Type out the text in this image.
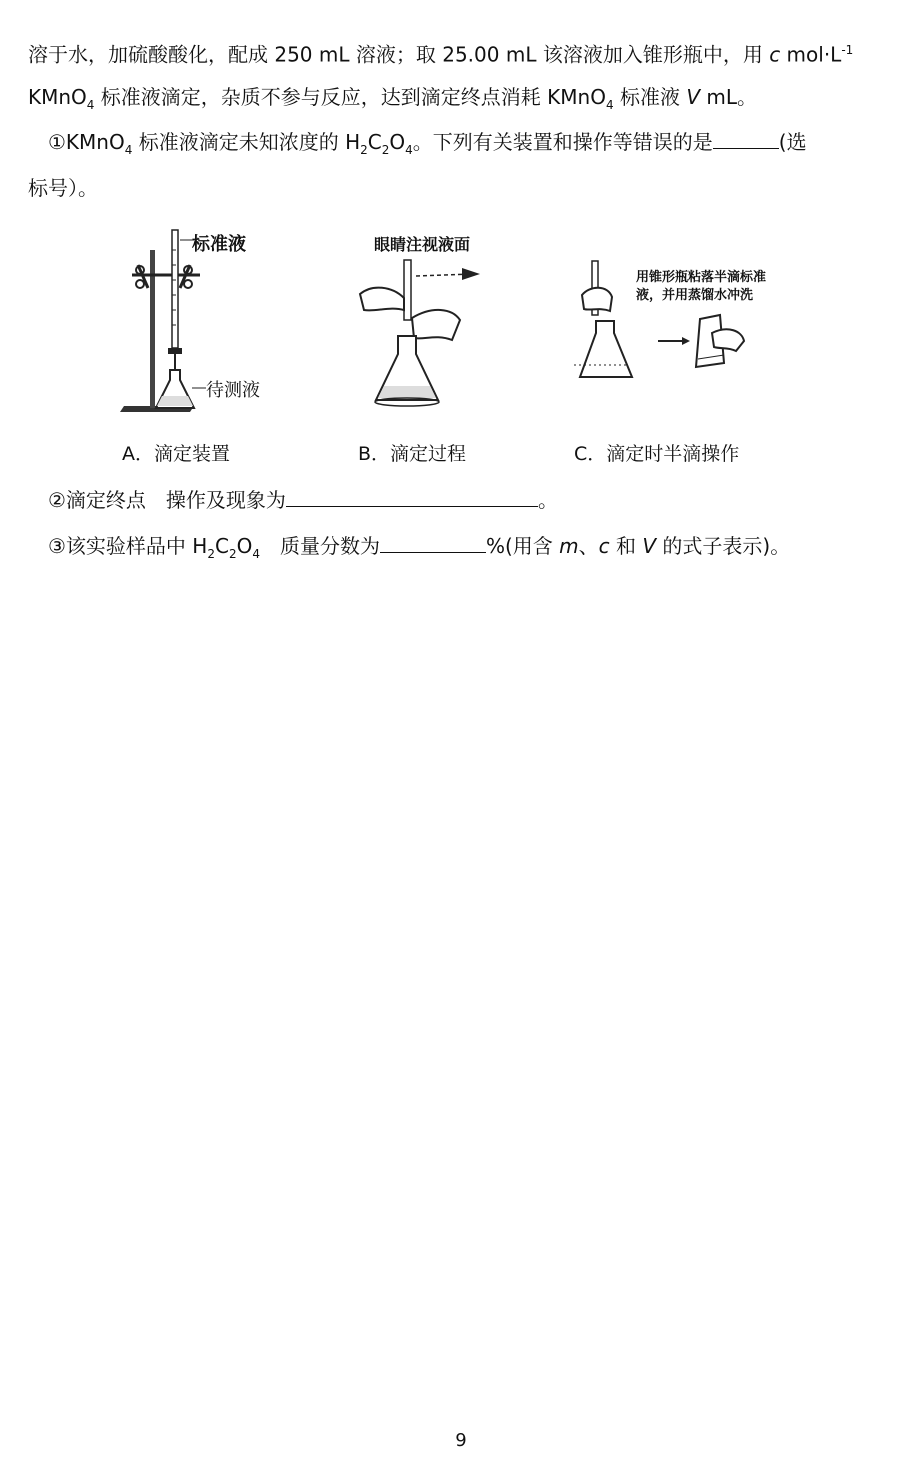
溶于水，加硫酸酸化，配成 250 mL 溶液；取 25.00 mL 该溶液加入锥形瓶中，用 c $mol\cdot L^{-1}$
KMnO$_4$ 标准液滴定，杂质不参与反应，达到滴定终点消耗 KMnO$_4$ 标准液 V mL。
①KMnO$_4$ 标准液滴定未知浓度的 $H_2C_2O_4$。下列有关装置和操作等错误的是	(选
标号）。
标准液
待测液
眼睛注视液面
用锥形瓶粘落半滴标准
液，并用蒸馏水冲洗
A．滴定装置	B．滴定过程	C．滴定时半滴操作
②滴定终点　操作及现象为	。
③该实验样品中 $H_2C_2O_4$　质量分数为	%(用含 m、c 和 V 的式子表示)。
9
